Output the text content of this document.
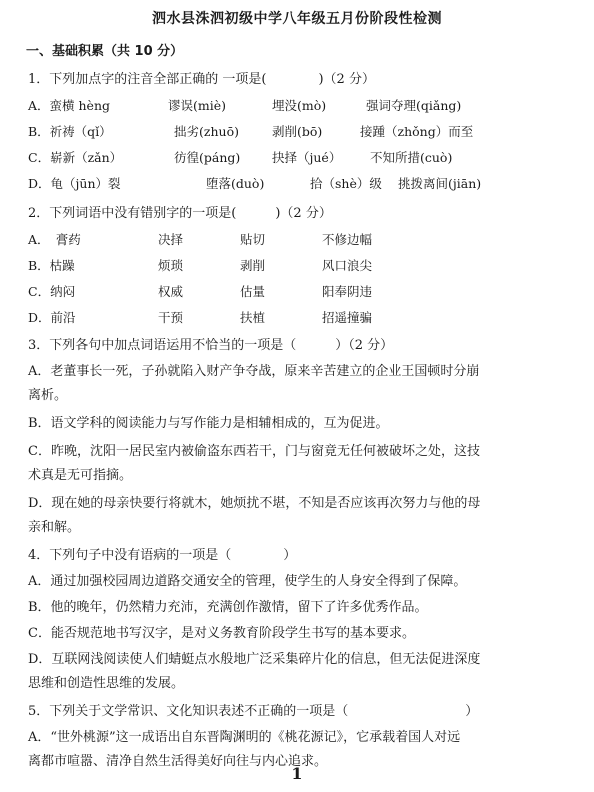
泗水县洙泗初级中学八年级五月份阶段性检测
一、基础积累（共 10 分）
1．下列加点字的注音全部正确的 一项是(　　　　)（2 分）
A．蛮横 hèng	谬误(miè)	埋没(mò)	强词夺理(qiǎng)
B．祈祷（qǐ）	拙劣(zhuō)	剥削(bō)	接踵（zhǒng）而至
C．崭新（zǎn）	彷徨(páng)	抉择（jué） 不知所措(cuò)
D．龟（jūn）裂	堕落(duò)	拾（shè）级 挑拨离间(jiān)
2．下列词语中没有错别字的一项是(　　　)（2 分）
A．　膏药	决择	贴切	不修边幅
B．枯躁	烦琐	剥削	风口浪尖
C．纳闷	权威	估量	阳奉阴违
D．前沿	干预	扶植	招遥撞骗
3．下列各句中加点词语运用不恰当的一项是（　　　）（2 分）
A．老董事长一死，子孙就陷入财产争夺战，原来辛苦建立的企业王国顿时分崩
离析。
B．语文学科的阅读能力与写作能力是相辅相成的，互为促进。
C．昨晚，沈阳一居民室内被偷盗东西若干，门与窗竟无任何被破坏之处，这技
术真是无可指摘。
D．现在她的母亲快要行将就木，她烦扰不堪，不知是否应该再次努力与他的母
亲和解。
4．下列句子中没有语病的一项是（　　　　）
A．通过加强校园周边道路交通安全的管理，使学生的人身安全得到了保障。
B．他的晚年，仍然精力充沛，充满创作激情，留下了许多优秀作品。
C．能否规范地书写汉字，是对义务教育阶段学生书写的基本要求。
D．互联网浅阅读使人们蜻蜓点水般地广泛采集碎片化的信息，但无法促进深度
思维和创造性思维的发展。
5．下列关于文学常识、文化知识表述不正确的一项是（　　　　　　　　　）
A．“世外桃源”这一成语出自东晋陶渊明的《桃花源记》，它承载着国人对远
离都市喧嚣、清净自然生活得美好向往与内心追求。
1
